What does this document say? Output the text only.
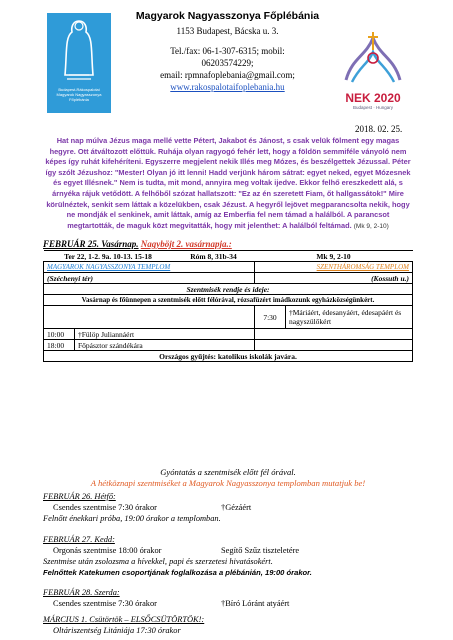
Budapest-Rákospalotai Magyarok Nagyasszonya Főplébánia
Magyarok Nagyasszonya Főplébánia
1153 Budapest, Bácska u. 3.
Tel./fax: 06-1-307-6315; mobil:
06203574229;
email: rpmnafoplebania@gmail.com;
www.rakospalotaifoplebania.hu
NEK 2020
Budapest · Hungary
2018. 02. 25.
Hat nap múlva Jézus maga mellé vette Pétert, Jakabot és Jánost, s csak velük fölment egy magas hegyre. Ott átváltozott előttük. Ruhája olyan ragyogó fehér lett, hogy a földön semmiféle ványoló nem képes így ruhát kifehéríteni. Egyszerre megjelent nekik Illés meg Mózes, és beszélgettek Jézussal. Péter így szólt Jézushoz: "Mester! Olyan jó itt lenni! Hadd verjünk három sátrat: egyet neked, egyet Mózesnek és egyet Illésnek." Nem is tudta, mit mond, annyira meg voltak ijedve. Ekkor felhő ereszkedett alá, s árnyéka rájuk vetődött. A felhőből szózat hallatszott: "Ez az én szeretett Fiam, őt hallgassátok!" Mire körülnéztek, senkit sem láttak a közelükben, csak Jézust. A hegyről lejövet megparancsolta nekik, hogy ne mondják el senkinek, amit láttak, amíg az Emberfia fel nem támad a halálból. A parancsot megtartották, de maguk közt megvitatták, hogy mit jelenthet: A halálból feltámad. (Mk 9, 2-10)
FEBRUÁR 25. Vasárnap. Nagyböjt 2. vasárnapja.:
Ter 22, 1-2. 9a. 10-13. 15-18		Róm 8, 31b-34	Mk 9, 2-10	
MAGYAROK NAGYASSZONYA TEMPLOM			SZENTHÁROMSÁG TEMPLOM	
(Széchenyi tér)			(Kossuth u.)	
Szentmisék rendje és ideje:				
Vasárnap és főünnepen a szentmisék előtt félórával, rózsafüzért imádkozunk egyházközségünkért.				
			7:30	†Máriáért, édesanyáért, édesapáért és nagyszülőkért
10:00	†Fülöp Juliannáért			
18:00	Főpásztor szándékára			
Országos gyűjtés: katolikus iskolák javára.				
Gyóntatás a szentmisék előtt fél órával.
A hétköznapi szentmiséket a Magyarok Nagyasszonya templomban mutatjuk be!
FEBRUÁR 26. Hétfő:
Csendes szentmise 7:30 órakor	†Gézáért
Felnőtt énekkari próba, 19:00 órakor a templomban.
FEBRUÁR 27. Kedd:
Orgonás szentmise 18:00 órakor	Segítő Szűz tiszteletére
Szentmise után zsolozsma a hívekkel, papi és szerzetesi hivatásokért.
Felnőttek Katekumen csoportjának foglalkozása a plébánián, 19:00 órakor.
FEBRUÁR 28. Szerda:
Csendes szentmise 7:30 órakor	†Bíró Lóránt atyáért
MÁRCIUS 1. Csütörtök – ELSŐCSÜTÖRTÖK!:
Oltáriszentség Litániája 17:30 órakor
